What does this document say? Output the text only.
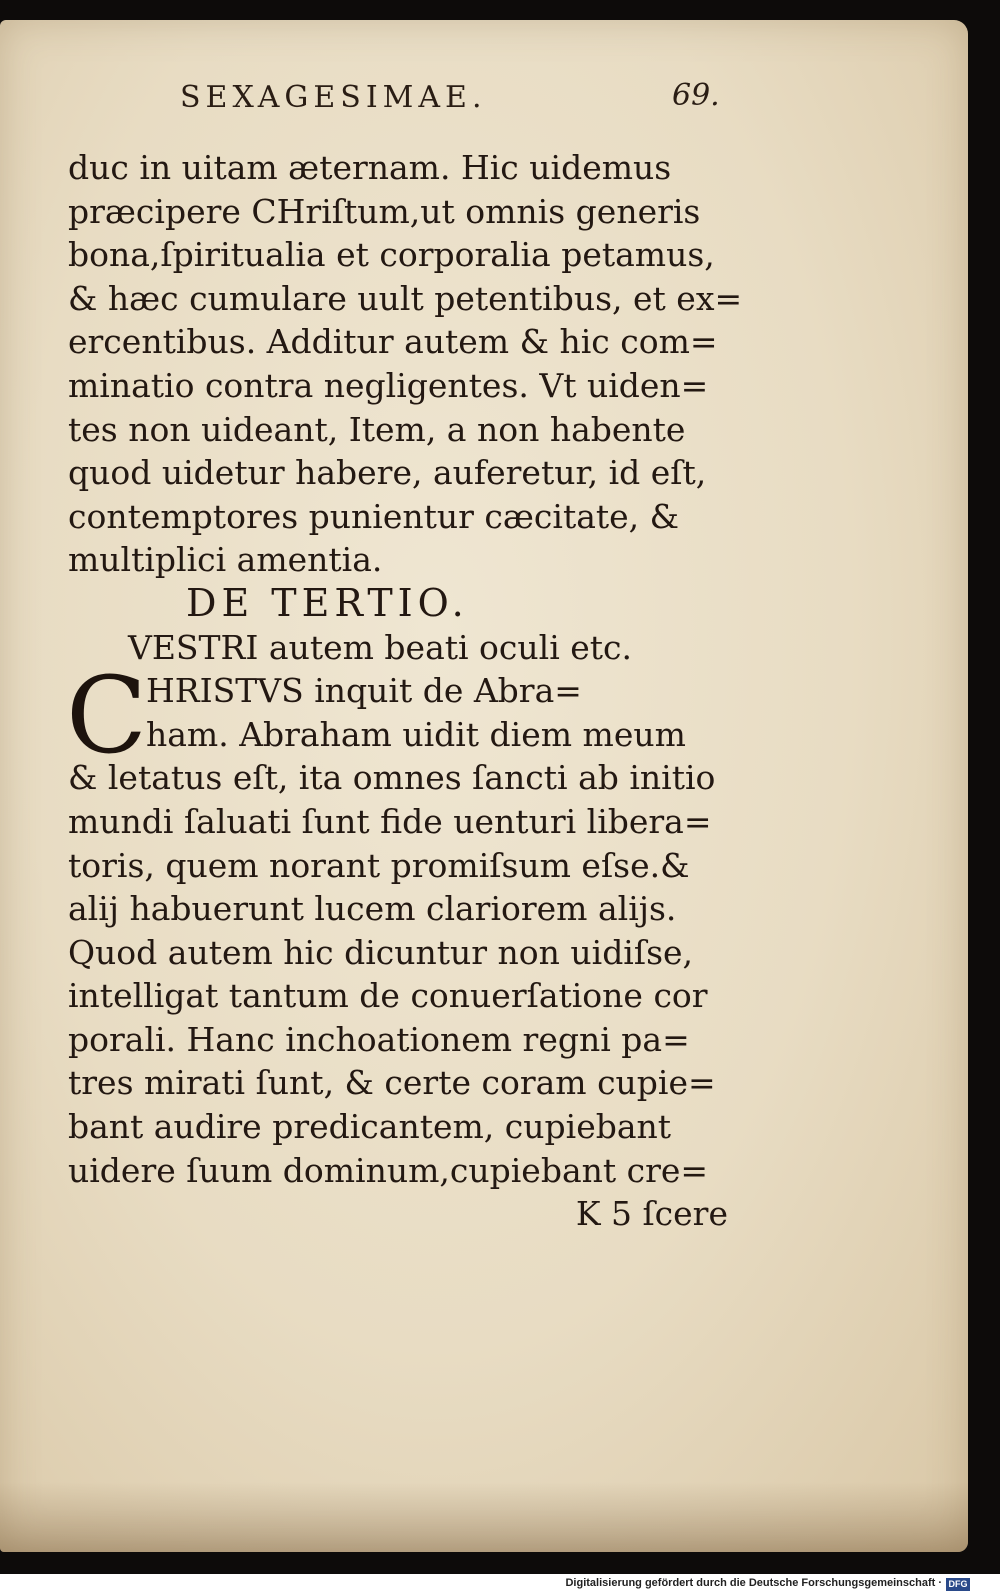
SEXAGESIMAE.	69.
duc in uitam æternam. Hic uidemus
præcipere CHriſtum,ut omnis generis
bona,ſpiritualia et corporalia petamus,
& hæc cumulare uult petentibus, et ex=
ercentibus. Additur autem & hic com=
minatio contra negligentes. Vt uiden=
tes non uideant, Item, a non habente
quod uidetur habere, auferetur, id eſt,
contemptores punientur cæcitate, &
multiplici amentia.
DE TERTIO.
VESTRI autem beati oculi etc.
C
HRISTVS inquit de Abra=
ham. Abraham uidit diem meum
& letatus eſt, ita omnes ſancti ab initio
mundi ſaluati ſunt fide uenturi libera=
toris, quem norant promiſsum eſse.&
alij habuerunt lucem clariorem alijs.
Quod autem hic dicuntur non uidiſse,
intelligat tantum de conuerſatione cor
porali. Hanc inchoationem regni pa=
tres mirati ſunt, & certe coram cupie=
bant audire predicantem, cupiebant
uidere ſuum dominum,cupiebant cre=
K 5 ſcere
Digitalisierung gefördert durch die Deutsche Forschungsgemeinschaft · DFG
